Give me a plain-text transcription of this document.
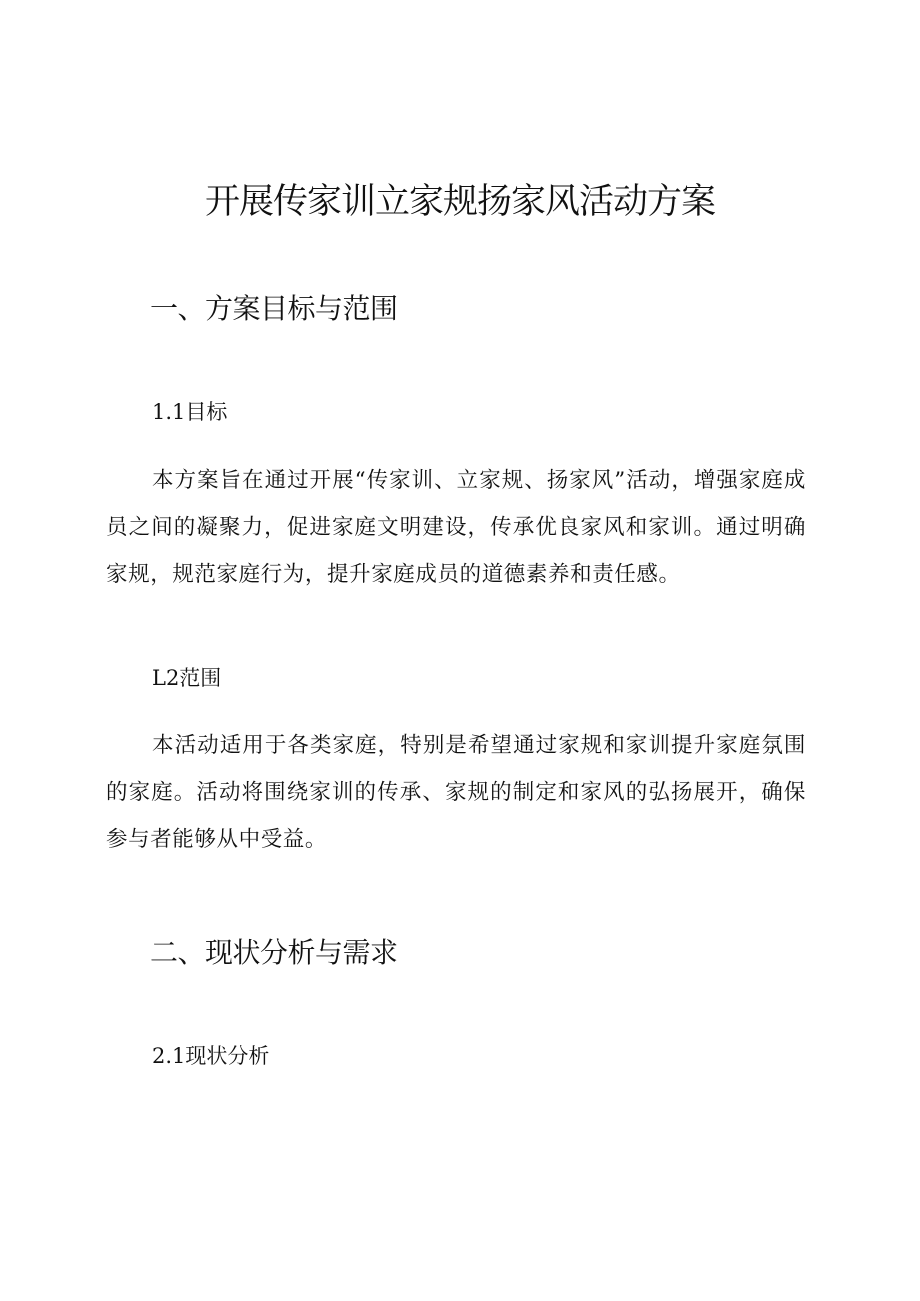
开展传家训立家规扬家风活动方案
一、方案目标与范围
1.1目标

本方案旨在通过开展“传家训、立家规、扬家风”活动，增强家庭成员之间的凝聚力，促进家庭文明建设，传承优良家风和家训。通过明确家规，规范家庭行为，提升家庭成员的道德素养和责任感。

L2范围

本活动适用于各类家庭，特别是希望通过家规和家训提升家庭氛围的家庭。活动将围绕家训的传承、家规的制定和家风的弘扬展开，确保参与者能够从中受益。

二、现状分析与需求
2.1现状分析
